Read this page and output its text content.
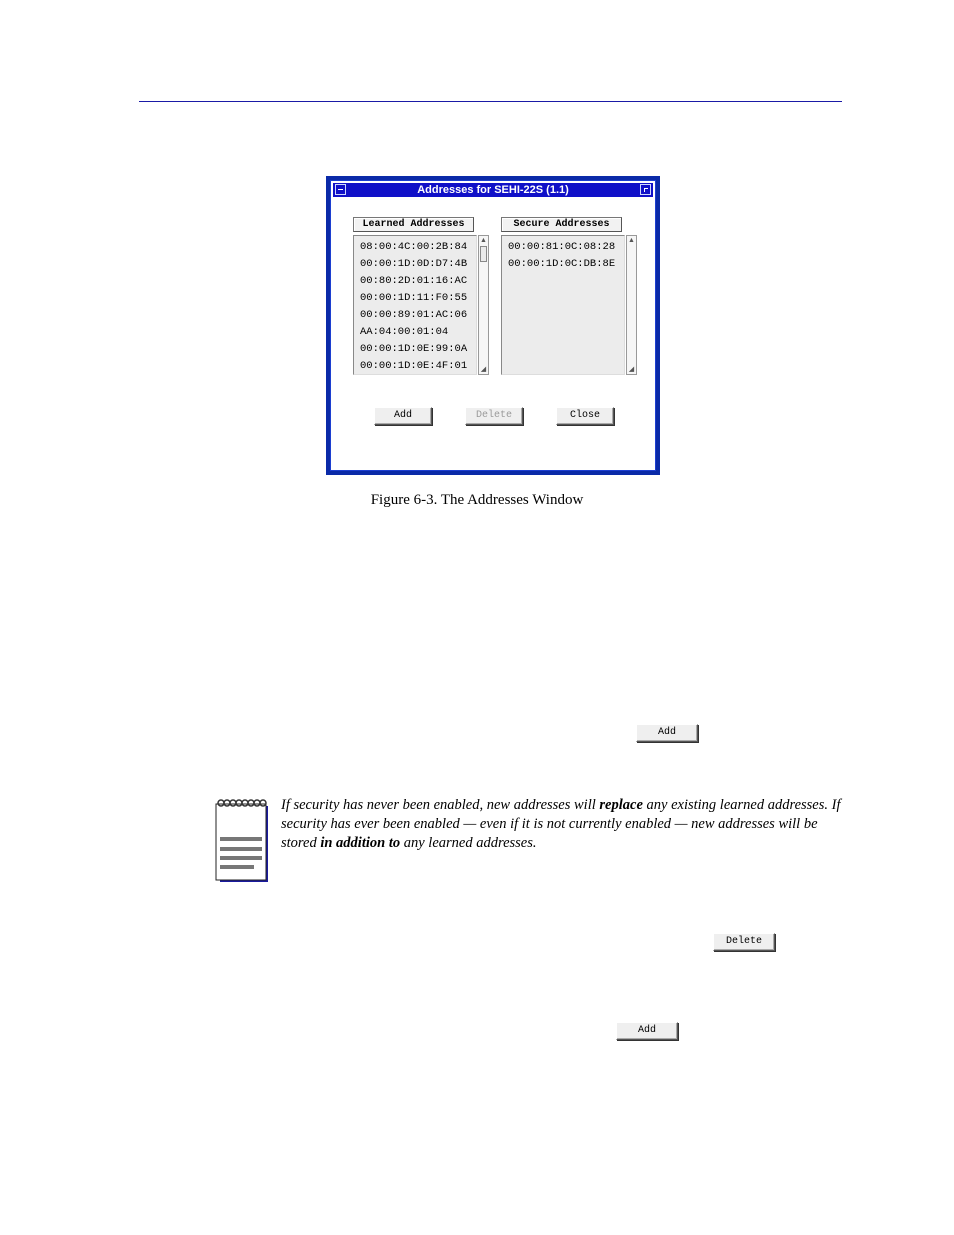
Addresses for SEHI-22S (1.1)
Learned Addresses
08:00:4C:00:2B:84
00:00:1D:0D:D7:4B
00:80:2D:01:16:AC
00:00:1D:11:F0:55
00:00:89:01:AC:06
AA:04:00:01:04
00:00:1D:0E:99:0A
00:00:1D:0E:4F:01
▲
◢
Secure Addresses
00:00:81:0C:08:28
00:00:1D:0C:DB:8E
▲
◢
Add	Delete	Close
Figure 6-3. The Addresses Window
Add
If security has never been enabled, new addresses will replace any existing learned addresses. If security has ever been enabled — even if it is not currently enabled — new addresses will be stored in addition to any learned addresses.
Delete
Add
